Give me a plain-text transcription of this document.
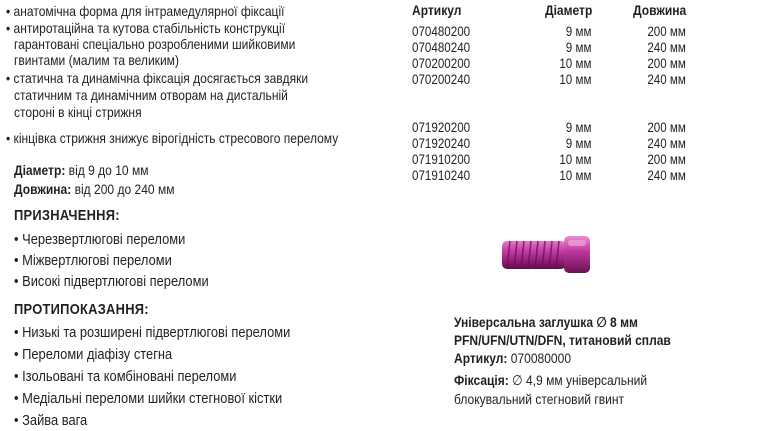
• анатомічна форма для інтрамедулярної фіксації
• антиротаційна та кутова стабільність конструкції
гарантовані спеціально розробленими шийковими
гвинтами (малим та великим)
• статична та динамічна фіксація досягається завдяки
статичним та динамічним отворам на дистальній
стороні в кінці стрижня
• кінцівка стрижня знижує вірогідність стресового перелому
Діаметр: від 9 до 10 мм
Довжина: від 200 до 240 мм
ПРИЗНАЧЕННЯ:
• Черезвертлюгові переломи
• Міжвертлюгові переломи
• Високі підвертлюгові переломи
ПРОТИПОКАЗАННЯ:
• Низькі та розширені підвертлюгові переломи
• Переломи діафізу стегна
• Ізольовані та комбіновані переломи
• Медіальні переломи шийки стегнової кістки
• Зайва вага
Артикул	Діаметр	Довжина
070480200	9 мм	200 мм
070480240	9 мм	240 мм
070200200	10 мм	200 мм
070200240	10 мм	240 мм
071920200	9 мм	200 мм
071920240	9 мм	240 мм
071910200	10 мм	200 мм
071910240	10 мм	240 мм
Універсальна заглушка ∅ 8 мм
PFN/UFN/UTN/DFN, титановий сплав
Артикул: 070080000
Фіксація: ∅ 4,9 мм універсальний
блокувальний стегновий гвинт
